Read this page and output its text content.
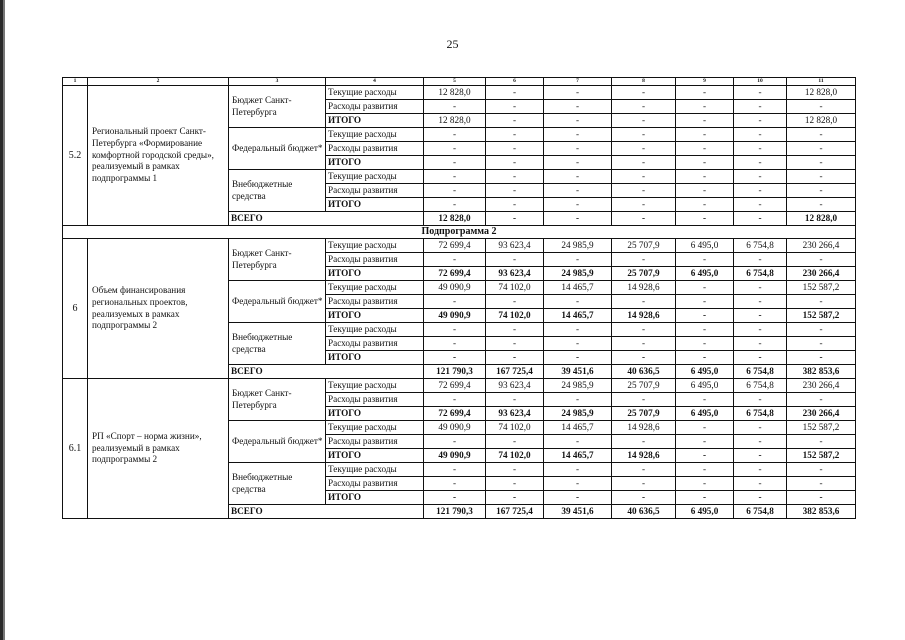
25
1	2	3	4	5	6	7	8	9	10	11
5.2	Региональный проект Санкт-Петербурга «Формирование комфортной городской среды», реализуемый в рамках подпрограммы 1	Бюджет Санкт-Петербурга	Текущие расходы	12 828,0	-	-	-	-	-	12 828,0
			Расходы развития	-	-	-	-	-	-	-
			ИТОГО	12 828,0	-	-	-	-	-	12 828,0
		Федеральный бюджет*	Текущие расходы	-	-	-	-	-	-	-
			Расходы развития	-	-	-	-	-	-	-
			ИТОГО	-	-	-	-	-	-	-
		Внебюджетные средства	Текущие расходы	-	-	-	-	-	-	-
			Расходы развития	-	-	-	-	-	-	-
			ИТОГО	-	-	-	-	-	-	-
		ВСЕГО		12 828,0	-	-	-	-	-	12 828,0
Подпрограмма 2										
6	Объем финансирования региональных проектов, реализуемых в рамках подпрограммы 2	Бюджет Санкт-Петербурга	Текущие расходы	72 699,4	93 623,4	24 985,9	25 707,9	6 495,0	6 754,8	230 266,4
			Расходы развития	-	-	-	-	-	-	-
			ИТОГО	72 699,4	93 623,4	24 985,9	25 707,9	6 495,0	6 754,8	230 266,4
		Федеральный бюджет*	Текущие расходы	49 090,9	74 102,0	14 465,7	14 928,6	-	-	152 587,2
			Расходы развития	-	-	-	-	-	-	-
			ИТОГО	49 090,9	74 102,0	14 465,7	14 928,6	-	-	152 587,2
		Внебюджетные средства	Текущие расходы	-	-	-	-	-	-	-
			Расходы развития	-	-	-	-	-	-	-
			ИТОГО	-	-	-	-	-	-	-
		ВСЕГО		121 790,3	167 725,4	39 451,6	40 636,5	6 495,0	6 754,8	382 853,6
6.1	РП «Спорт – норма жизни», реализуемый в рамках подпрограммы 2	Бюджет Санкт-Петербурга	Текущие расходы	72 699,4	93 623,4	24 985,9	25 707,9	6 495,0	6 754,8	230 266,4
			Расходы развития	-	-	-	-	-	-	-
			ИТОГО	72 699,4	93 623,4	24 985,9	25 707,9	6 495,0	6 754,8	230 266,4
		Федеральный бюджет*	Текущие расходы	49 090,9	74 102,0	14 465,7	14 928,6	-	-	152 587,2
			Расходы развития	-	-	-	-	-	-	-
			ИТОГО	49 090,9	74 102,0	14 465,7	14 928,6	-	-	152 587,2
		Внебюджетные средства	Текущие расходы	-	-	-	-	-	-	-
			Расходы развития	-	-	-	-	-	-	-
			ИТОГО	-	-	-	-	-	-	-
		ВСЕГО		121 790,3	167 725,4	39 451,6	40 636,5	6 495,0	6 754,8	382 853,6
